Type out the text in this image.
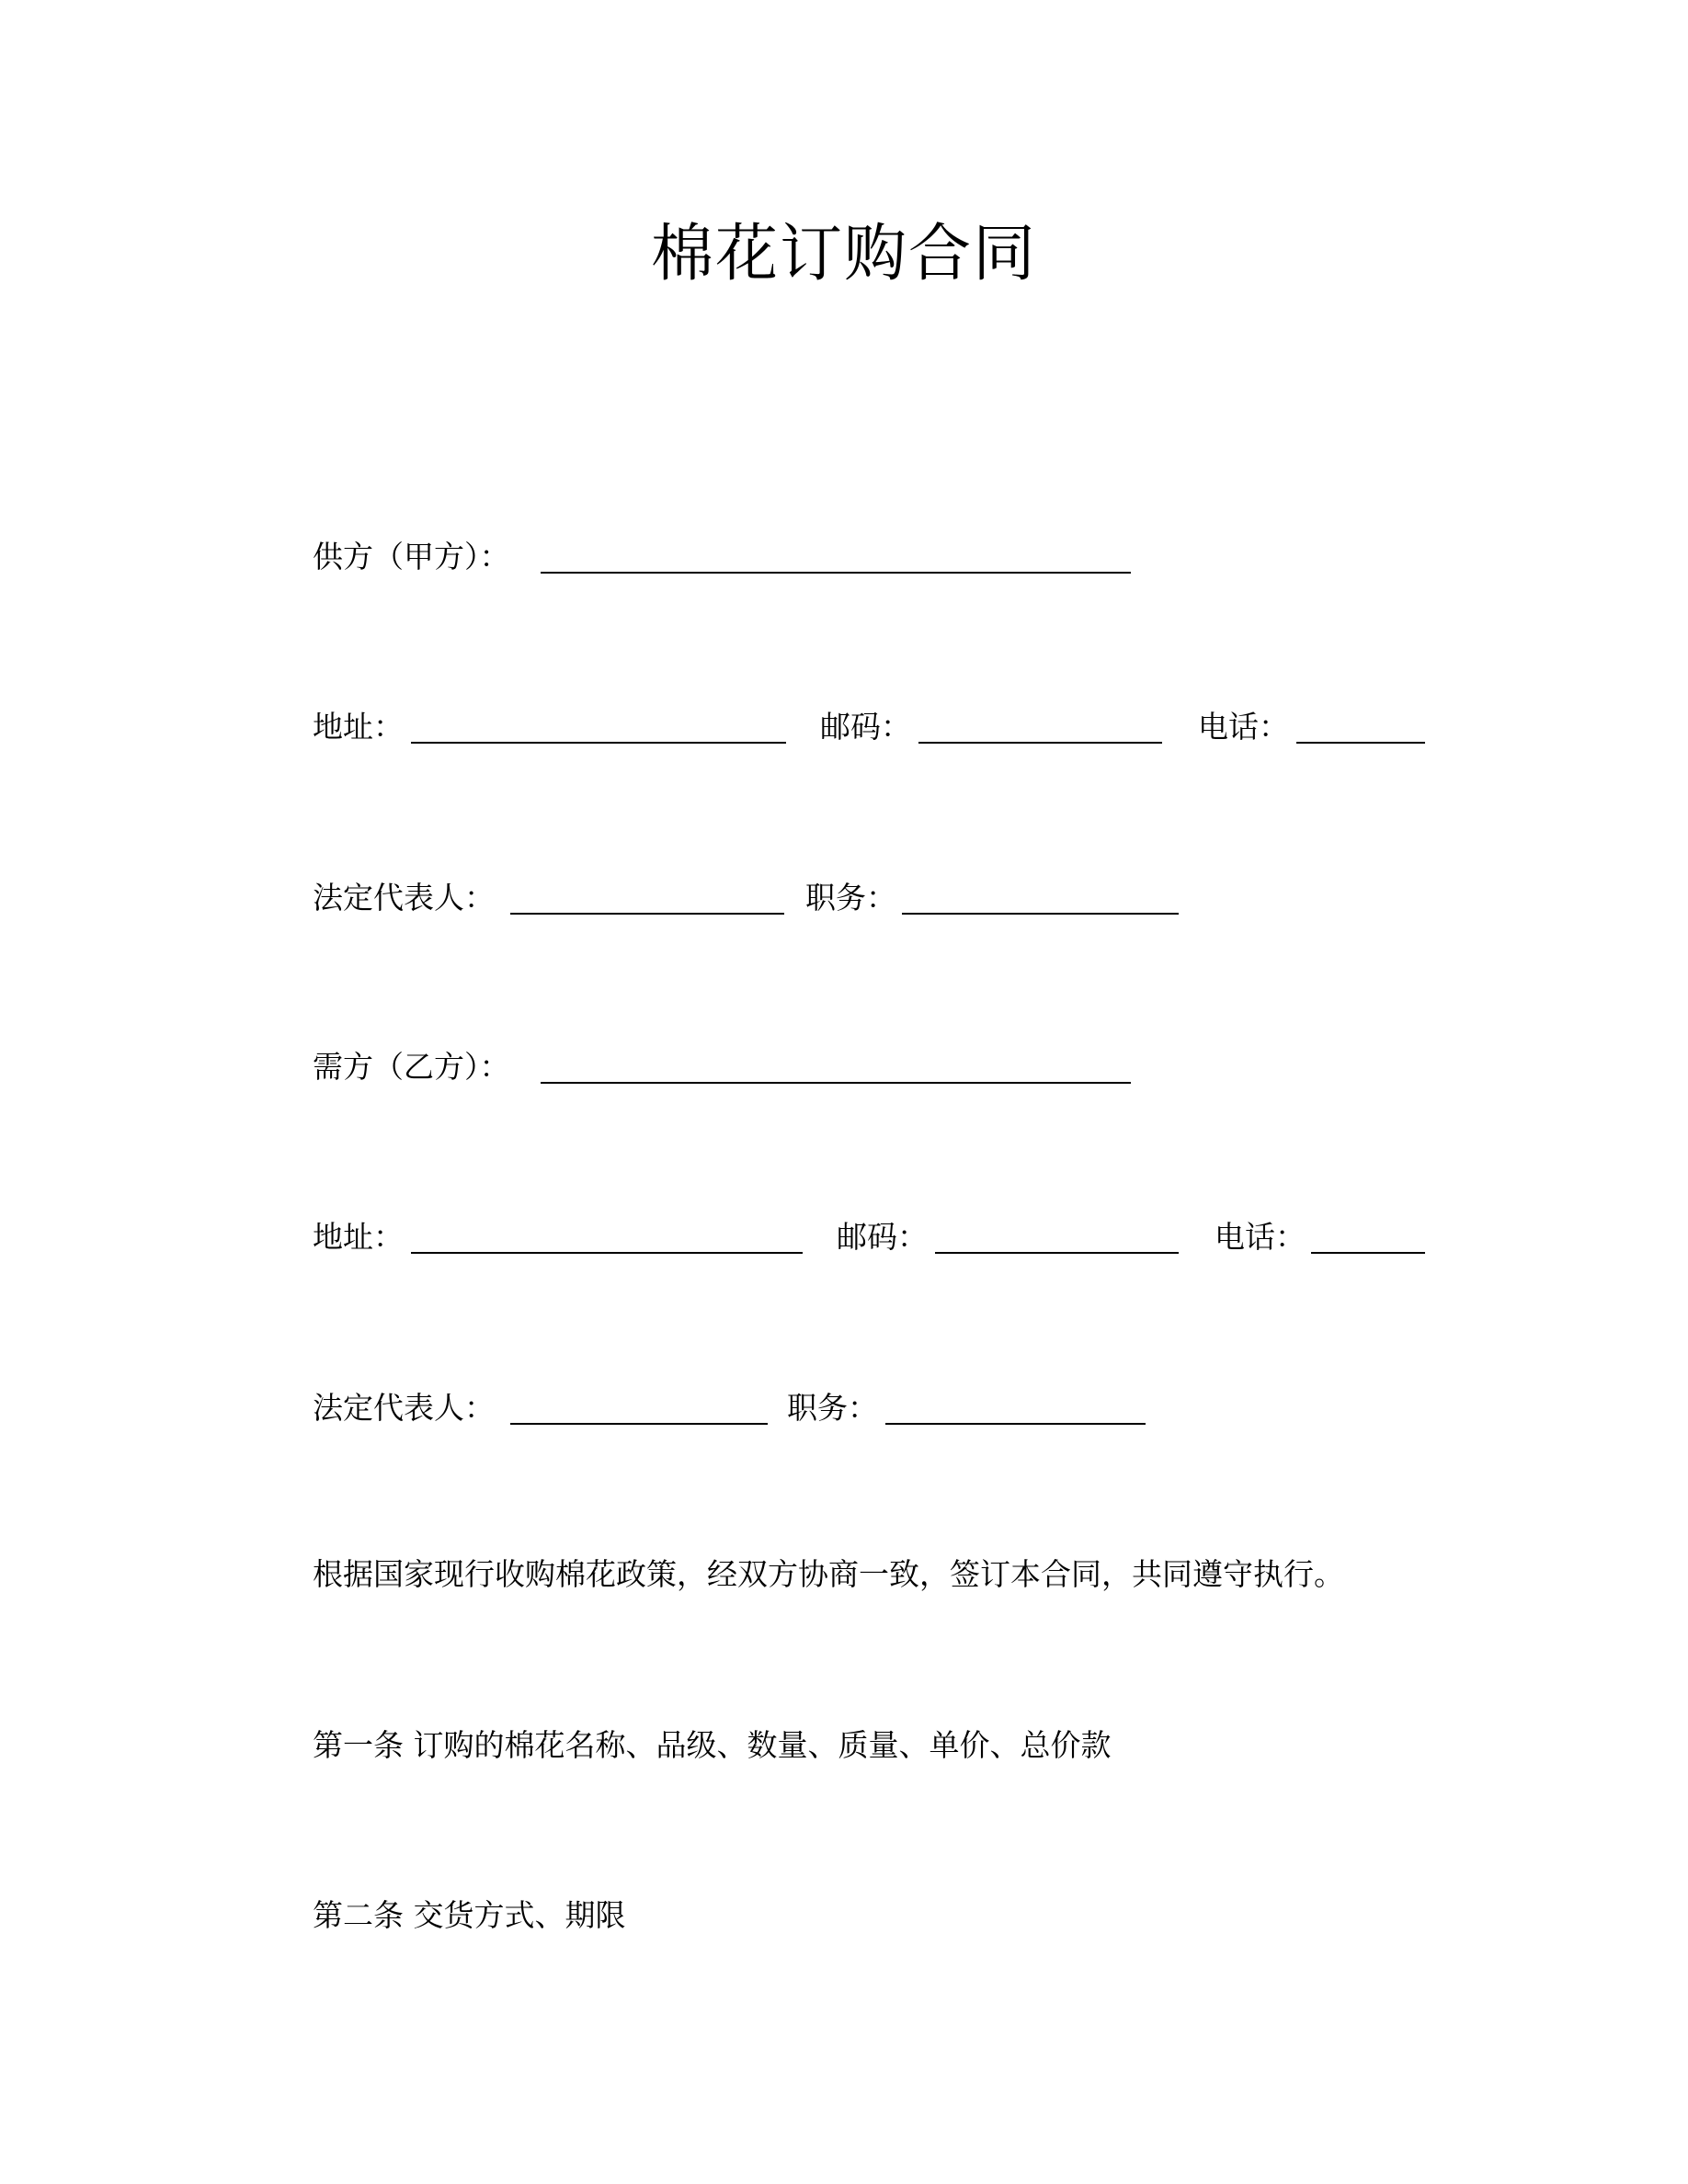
棉花订购合同
供方（甲方）：
地址：	邮码：	电话：
法定代表人：	职务：
需方（乙方）：
地址：	邮码：	电话：
法定代表人：	职务：
根据国家现行收购棉花政策，经双方协商一致，签订本合同，共同遵守执行。
第一条 订购的棉花名称、品级、数量、质量、单价、总价款
第二条 交货方式、期限
